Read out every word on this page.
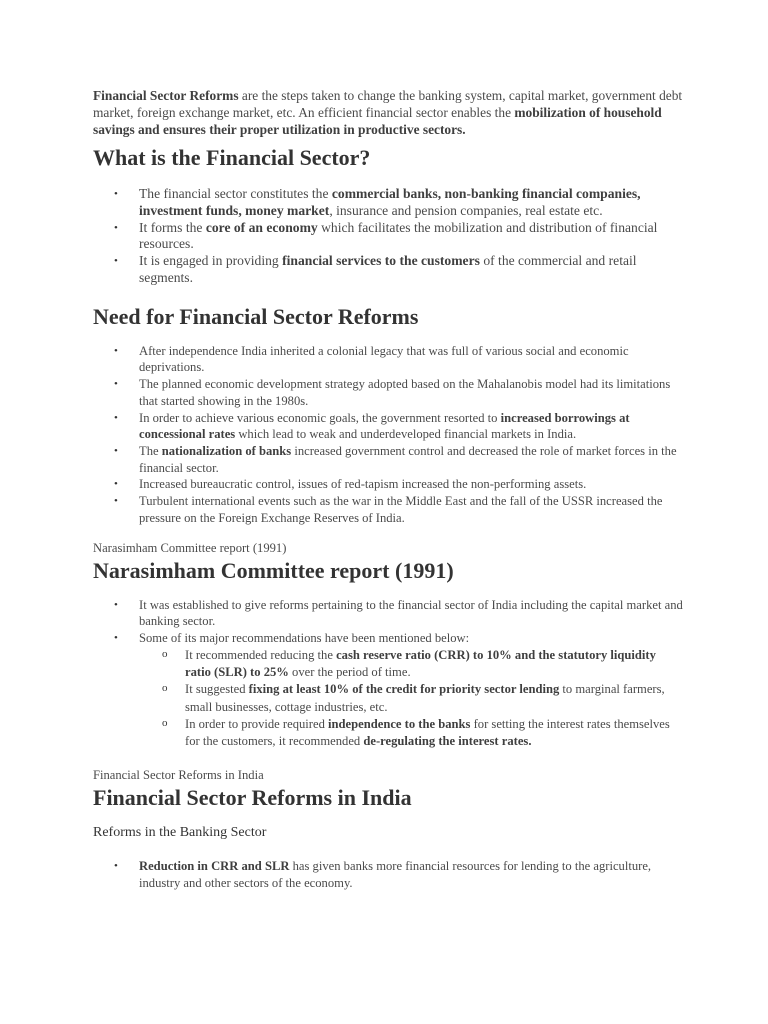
Financial Sector Reforms are the steps taken to change the banking system, capital market, government debt market, foreign exchange market, etc. An efficient financial sector enables the mobilization of household savings and ensures their proper utilization in productive sectors.

What is the Financial Sector?
• The financial sector constitutes the commercial banks, non-banking financial companies, investment funds, money market, insurance and pension companies, real estate etc.
• It forms the core of an economy which facilitates the mobilization and distribution of financial resources.
• It is engaged in providing financial services to the customers of the commercial and retail segments.
Need for Financial Sector Reforms
• After independence India inherited a colonial legacy that was full of various social and economic deprivations.
• The planned economic development strategy adopted based on the Mahalanobis model had its limitations that started showing in the 1980s.
• In order to achieve various economic goals, the government resorted to increased borrowings at concessional rates which lead to weak and underdeveloped financial markets in India.
• The nationalization of banks increased government control and decreased the role of market forces in the financial sector.
• Increased bureaucratic control, issues of red-tapism increased the non-performing assets.
• Turbulent international events such as the war in the Middle East and the fall of the USSR increased the pressure on the Foreign Exchange Reserves of India.
Narasimham Committee report (1991)
Narasimham Committee report (1991)
• It was established to give reforms pertaining to the financial sector of India including the capital market and banking sector.
• Some of its major recommendations have been mentioned below:
o It recommended reducing the cash reserve ratio (CRR) to 10% and the statutory liquidity ratio (SLR) to 25% over the period of time.
o It suggested fixing at least 10% of the credit for priority sector lending to marginal farmers, small businesses, cottage industries, etc.
o In order to provide required independence to the banks for setting the interest rates themselves for the customers, it recommended de-regulating the interest rates.
Financial Sector Reforms in India
Financial Sector Reforms in India
Reforms in the Banking Sector
• Reduction in CRR and SLR has given banks more financial resources for lending to the agriculture, industry and other sectors of the economy.
